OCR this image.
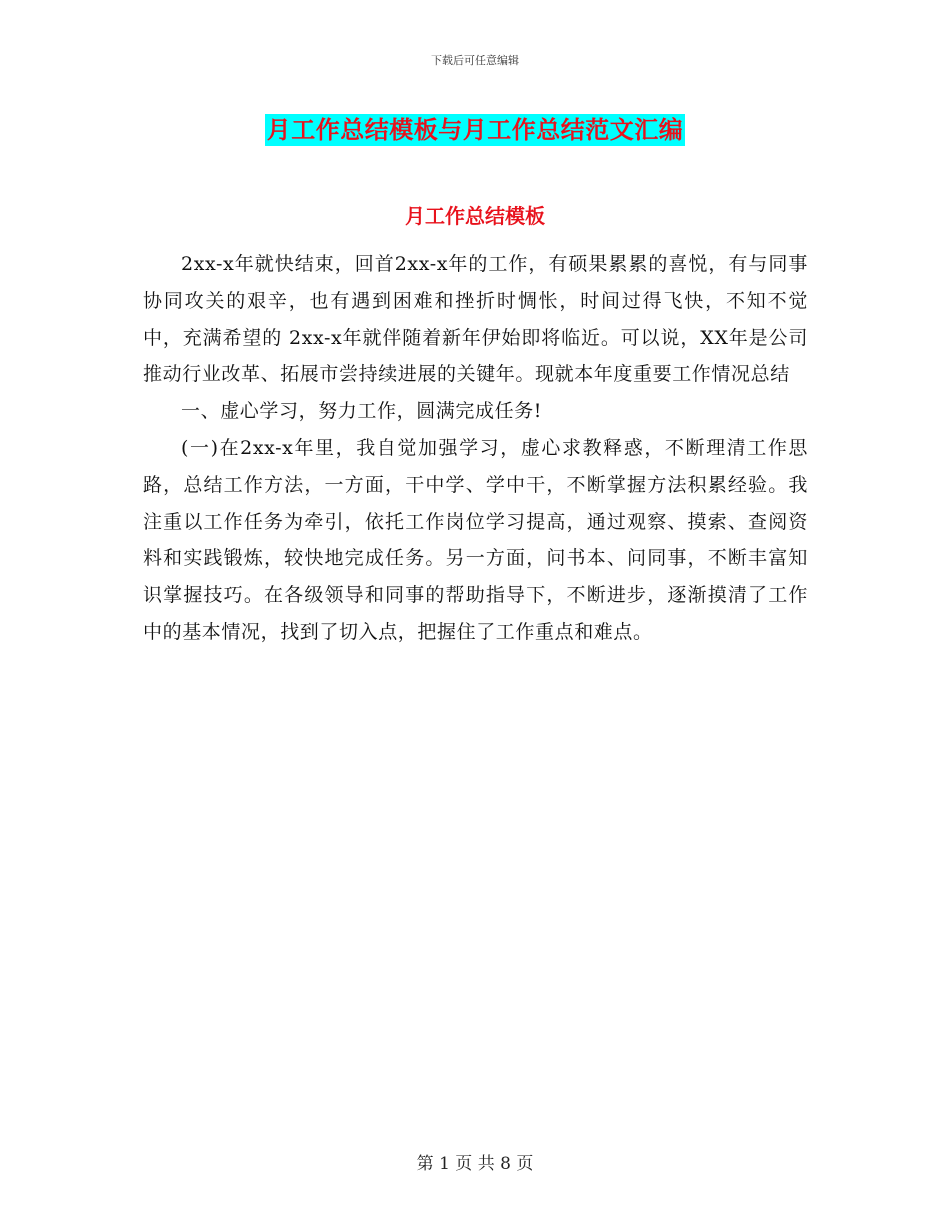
下载后可任意编辑
月工作总结模板与月工作总结范文汇编
月工作总结模板

2xx-x年就快结束，回首2xx-x年的工作，有硕果累累的喜悦，有与同事协同攻关的艰辛，也有遇到困难和挫折时惆怅，时间过得飞快，不知不觉中，充满希望的 2xx-x年就伴随着新年伊始即将临近。可以说，XX年是公司推动行业改革、拓展市尝持续进展的关键年。现就本年度重要工作情况总结

一、虚心学习，努力工作，圆满完成任务!

(一)在2xx-x年里，我自觉加强学习，虚心求教释惑，不断理清工作思路，总结工作方法，一方面，干中学、学中干，不断掌握方法积累经验。我注重以工作任务为牵引，依托工作岗位学习提高，通过观察、摸索、查阅资料和实践锻炼，较快地完成任务。另一方面，问书本、问同事，不断丰富知识掌握技巧。在各级领导和同事的帮助指导下，不断进步，逐渐摸清了工作中的基本情况，找到了切入点，把握住了工作重点和难点。

第 1 页 共 8 页
